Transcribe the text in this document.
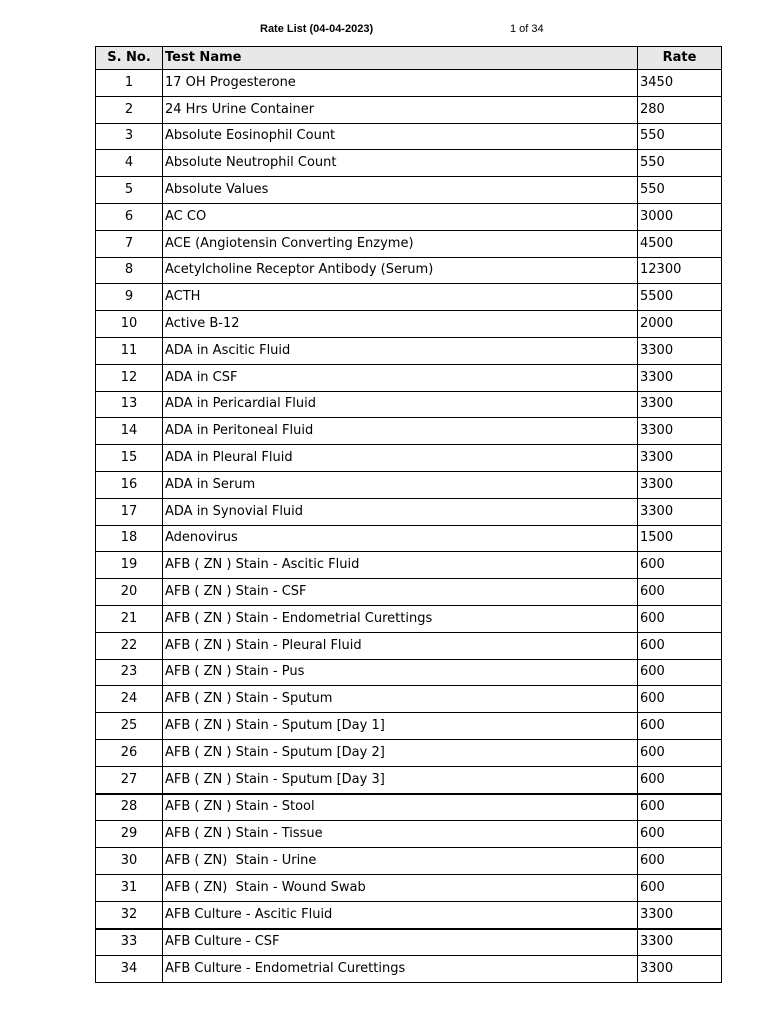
Rate List (04-04-2023)	1 of 34
S. No.	Test Name	Rate
1	17 OH Progesterone	3450
2	24 Hrs Urine Container	280
3	Absolute Eosinophil Count	550
4	Absolute Neutrophil Count	550
5	Absolute Values	550
6	AC CO	3000
7	ACE (Angiotensin Converting Enzyme)	4500
8	Acetylcholine Receptor Antibody (Serum)	12300
9	ACTH	5500
10	Active B-12	2000
11	ADA in Ascitic Fluid	3300
12	ADA in CSF	3300
13	ADA in Pericardial Fluid	3300
14	ADA in Peritoneal Fluid	3300
15	ADA in Pleural Fluid	3300
16	ADA in Serum	3300
17	ADA in Synovial Fluid	3300
18	Adenovirus	1500
19	AFB ( ZN ) Stain - Ascitic Fluid	600
20	AFB ( ZN ) Stain - CSF	600
21	AFB ( ZN ) Stain - Endometrial Curettings	600
22	AFB ( ZN ) Stain - Pleural Fluid	600
23	AFB ( ZN ) Stain - Pus	600
24	AFB ( ZN ) Stain - Sputum	600
25	AFB ( ZN ) Stain - Sputum [Day 1]	600
26	AFB ( ZN ) Stain - Sputum [Day 2]	600
27	AFB ( ZN ) Stain - Sputum [Day 3]	600
28	AFB ( ZN ) Stain - Stool	600
29	AFB ( ZN ) Stain - Tissue	600
30	AFB ( ZN)  Stain - Urine	600
31	AFB ( ZN)  Stain - Wound Swab	600
32	AFB Culture - Ascitic Fluid	3300
33	AFB Culture - CSF	3300
34	AFB Culture - Endometrial Curettings	3300
